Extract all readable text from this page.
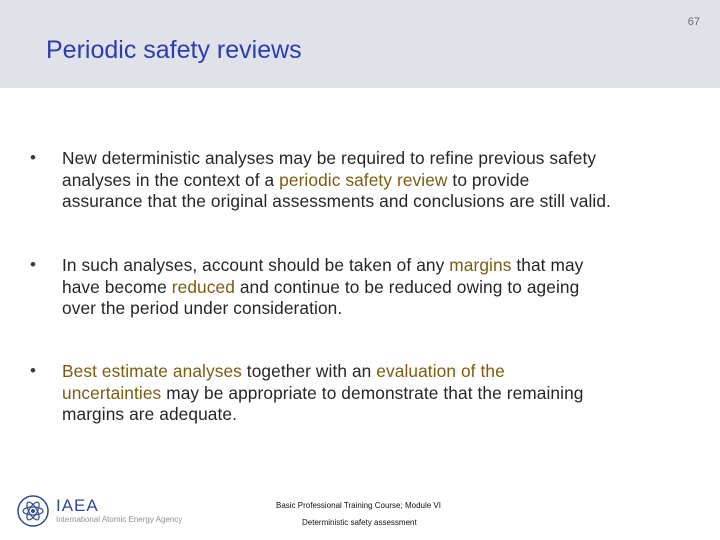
67
Periodic safety reviews
• New deterministic analyses may be required to refine previous safety
analyses in the context of a periodic safety review to provide
assurance that the original assessments and conclusions are still valid.
• In such analyses, account should be taken of any margins that may
have become reduced and continue to be reduced owing to ageing
over the period under consideration.
• Best estimate analyses together with an evaluation of the
uncertainties may be appropriate to demonstrate that the remaining
margins are adequate.
IAEA
International Atomic Energy Agency
Basic Professional Training Course; Module VI
Deterministic safety assessment
